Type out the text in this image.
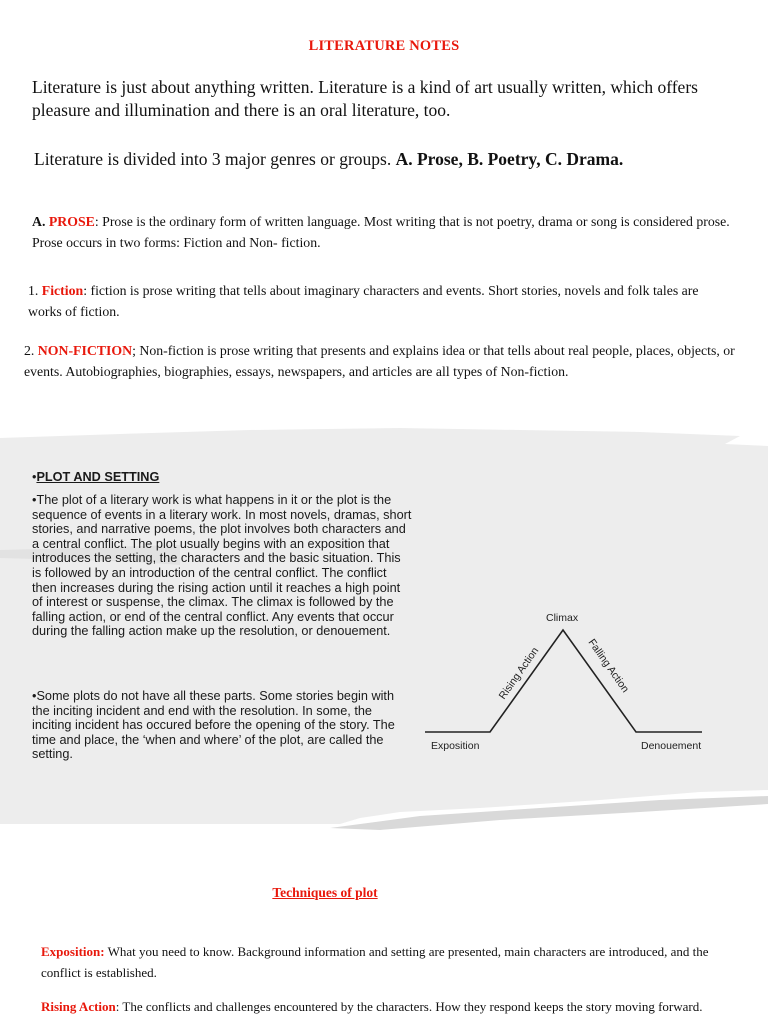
LITERATURE NOTES
Literature is just about anything written. Literature is a kind of art usually written, which offers pleasure and illumination and there is an oral literature, too.
Literature is divided into 3 major genres or groups. A. Prose, B. Poetry, C. Drama.
A. PROSE: Prose is the ordinary form of written language. Most writing that is not poetry, drama or song is considered prose. Prose occurs in two forms: Fiction and Non- fiction.
1. Fiction: fiction is prose writing that tells about imaginary characters and events. Short stories, novels and folk tales are works of fiction.
2. NON-FICTION; Non-fiction is prose writing that presents and explains idea or that tells about real people, places, objects, or events. Autobiographies, biographies, essays, newspapers, and articles are all types of Non-fiction.
•PLOT AND SETTING
•The plot of a literary work is what happens in it or the plot is the sequence of events in a literary work. In most novels, dramas, short stories, and narrative poems, the plot involves both characters and a central conflict. The plot usually begins with an exposition that introduces the setting, the characters and the basic situation. This is followed by an introduction of the central conflict. The conflict then increases during the rising action until it reaches a high point of interest or suspense, the climax. The climax is followed by the falling action, or end of the central conflict. Any events that occur during the falling action make up the resolution, or denouement.
•Some plots do not have all these parts. Some stories begin with the inciting incident and end with the resolution. In some, the inciting incident has occured before the opening of the story. The time and place, the ‘when and where’ of the plot, are called the setting.
Climax
Exposition	Denouement
Rising Action	Falling Action
Techniques of plot
Exposition: What you need to know. Background information and setting are presented, main characters are introduced, and the conflict is established.
Rising Action: The conflicts and challenges encountered by the characters. How they respond keeps the story moving forward.
